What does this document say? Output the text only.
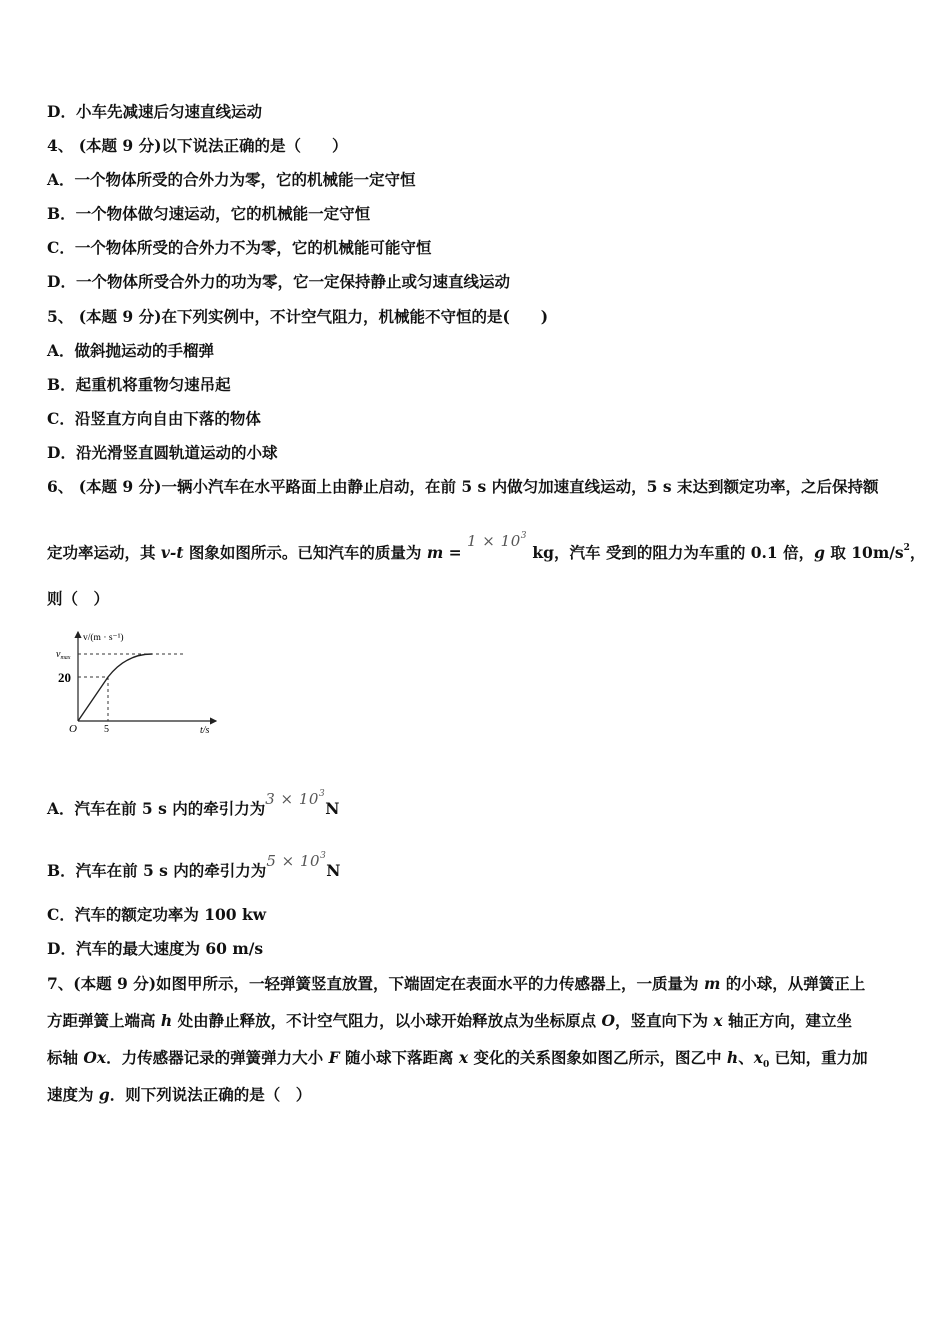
D．小车先减速后匀速直线运动
4、 (本题 9 分)以下说法正确的是（　　）
A．一个物体所受的合外力为零，它的机械能一定守恒
B．一个物体做匀速运动，它的机械能一定守恒
C．一个物体所受的合外力不为零，它的机械能可能守恒
D．一个物体所受合外力的功为零，它一定保持静止或匀速直线运动
5、 (本题 9 分)在下列实例中，不计空气阻力，机械能不守恒的是(　　)
A．做斜抛运动的手榴弹
B．起重机将重物匀速吊起
C．沿竖直方向自由下落的物体
D．沿光滑竖直圆轨道运动的小球
6、 (本题 9 分)一辆小汽车在水平路面上由静止启动，在前 5 s 内做匀加速直线运动，5 s 末达到额定功率，之后保持额
定功率运动，其 v-t 图象如图所示。已知汽车的质量为 $m = 1 \times 10^3$ kg，汽车 受到的阻力为车重的 0.1 倍，g 取 $10m/s^2$，
则（　）
v/(m · s⁻¹)
$v_{max}$
20
O	5	t/s
A．汽车在前 5 s 内的牵引力为$3 \times 10^3N$
B．汽车在前 5 s 内的牵引力为$5 \times 10^3N$
C．汽车的额定功率为 100 kw
D．汽车的最大速度为 60 m/s
7、(本题 9 分)如图甲所示，一轻弹簧竖直放置，下端固定在表面水平的力传感器上，一质量为 m 的小球，从弹簧正上
方距弹簧上端高 h 处由静止释放，不计空气阻力，以小球开始释放点为坐标原点 O，竖直向下为 x 轴正方向，建立坐
标轴 Ox．力传感器记录的弹簧弹力大小 F 随小球下落距离 x 变化的关系图象如图乙所示，图乙中 h、$x_0$ 已知，重力加
速度为 g．则下列说法正确的是（　）
